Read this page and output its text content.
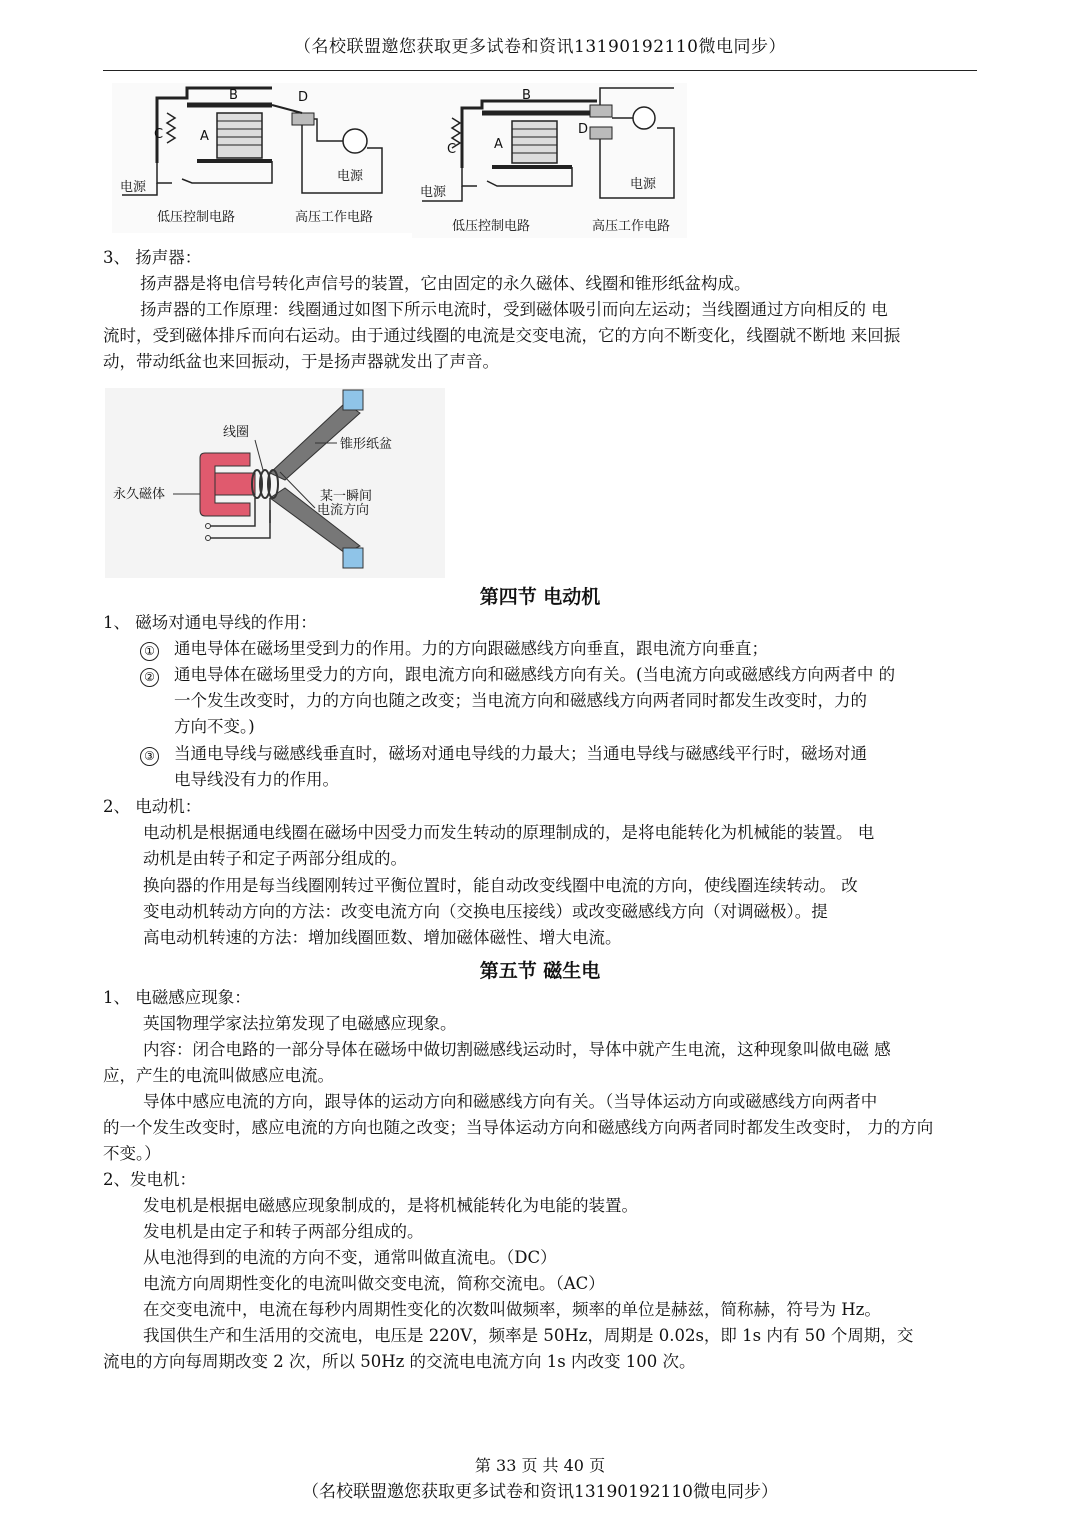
（名校联盟邀您获取更多试卷和资讯13190192110微电同步）
B	D
C	A
电源
电源
低压控制电路	高压工作电路
B
D
C	A
电源
电源
低压控制电路	高压工作电路
3、 扬声器：
扬声器是将电信号转化声信号的装置，它由固定的永久磁体、线圈和锥形纸盆构成。
扬声器的工作原理：线圈通过如图下所示电流时，受到磁体吸引而向左运动；当线圈通过方向相反的 电
流时，受到磁体排斥而向右运动。由于通过线圈的电流是交变电流，它的方向不断变化，线圈就不断地 来回振
动，带动纸盆也来回振动，于是扬声器就发出了声音。
线圈
锥形纸盆
永久磁体	某一瞬间
电流方向
第四节 电动机
1、 磁场对通电导线的作用：
① 通电导体在磁场里受到力的作用。力的方向跟磁感线方向垂直，跟电流方向垂直；
② 通电导体在磁场里受力的方向，跟电流方向和磁感线方向有关。(当电流方向或磁感线方向两者中 的
一个发生改变时，力的方向也随之改变；当电流方向和磁感线方向两者同时都发生改变时，力的
方向不变。)
③ 当通电导线与磁感线垂直时，磁场对通电导线的力最大；当通电导线与磁感线平行时，磁场对通
电导线没有力的作用。
2、 电动机：
电动机是根据通电线圈在磁场中因受力而发生转动的原理制成的，是将电能转化为机械能的装置。 电
动机是由转子和定子两部分组成的。
换向器的作用是每当线圈刚转过平衡位置时，能自动改变线圈中电流的方向，使线圈连续转动。 改
变电动机转动方向的方法：改变电流方向（交换电压接线）或改变磁感线方向（对调磁极）。提
高电动机转速的方法：增加线圈匝数、增加磁体磁性、增大电流。
第五节 磁生电
1、 电磁感应现象：
英国物理学家法拉第发现了电磁感应现象。
内容：闭合电路的一部分导体在磁场中做切割磁感线运动时，导体中就产生电流，这种现象叫做电磁 感
应，产生的电流叫做感应电流。
导体中感应电流的方向，跟导体的运动方向和磁感线方向有关。（当导体运动方向或磁感线方向两者中
的一个发生改变时，感应电流的方向也随之改变；当导体运动方向和磁感线方向两者同时都发生改变时， 力的方向
不变。）
2、发电机：
发电机是根据电磁感应现象制成的，是将机械能转化为电能的装置。
发电机是由定子和转子两部分组成的。
从电池得到的电流的方向不变，通常叫做直流电。（DC）
电流方向周期性变化的电流叫做交变电流，简称交流电。（AC）
在交变电流中，电流在每秒内周期性变化的次数叫做频率，频率的单位是赫兹，简称赫，符号为 Hz。
我国供生产和生活用的交流电，电压是 220V，频率是 50Hz，周期是 0.02s，即 1s 内有 50 个周期，交
流电的方向每周期改变 2 次，所以 50Hz 的交流电电流方向 1s 内改变 100 次。
第 33 页 共 40 页
（名校联盟邀您获取更多试卷和资讯13190192110微电同步）
